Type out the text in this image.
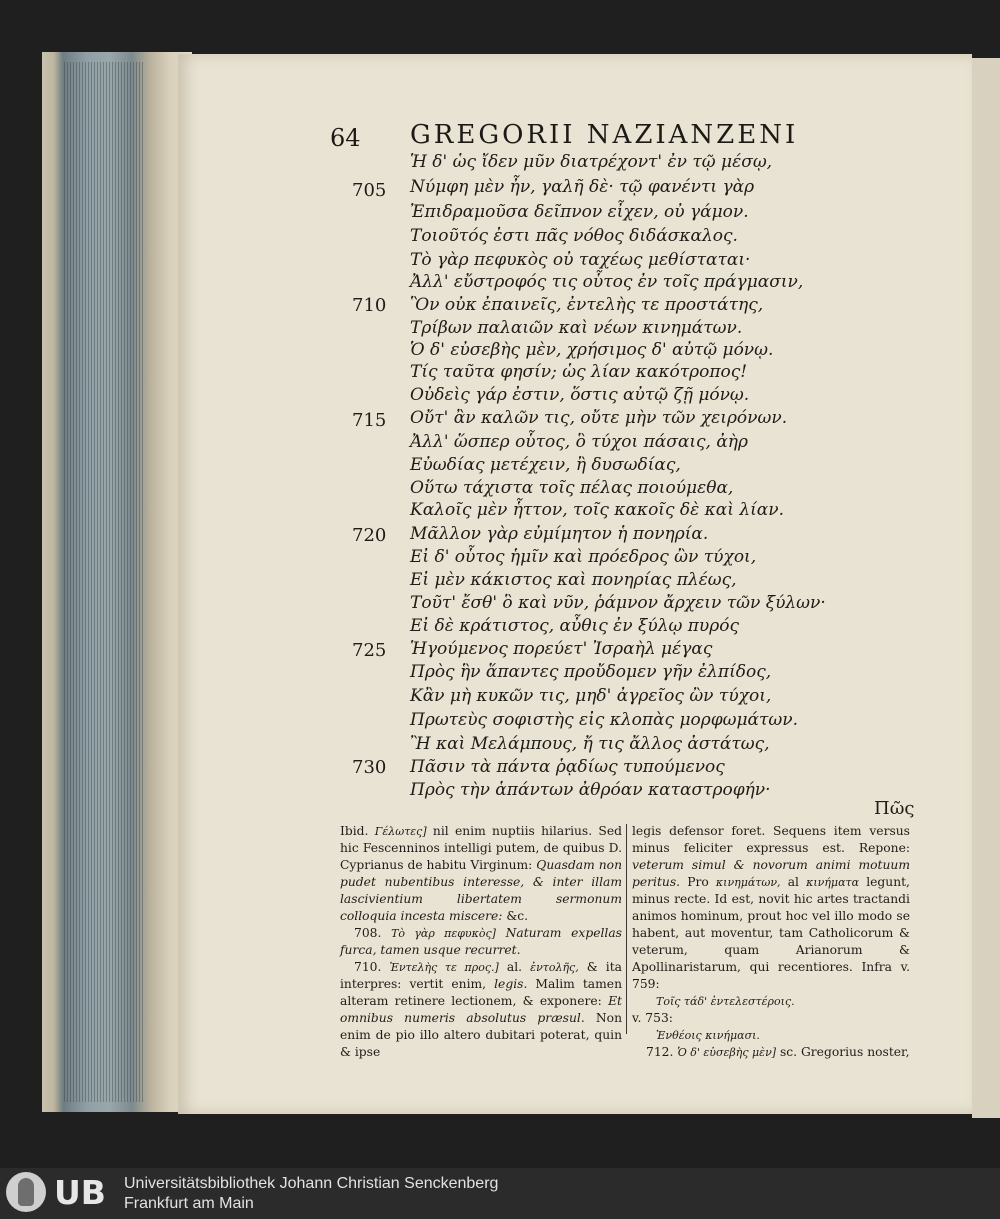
64 GREGORII NAZIANZENI
Ἡ δ' ὡς ἴδεν μῦν διατρέχοντ' ἐν τῷ μέσῳ,
Νύμφη μὲν ἦν, γαλῆ δὲ· τῷ φανέντι γὰρ
Ἐπιδραμοῦσα δεῖπνον εἶχεν, οὐ γάμον.
Τοιοῦτός ἐστι πᾶς νόθος διδάσκαλος.
Τὸ γὰρ πεφυκὸς οὐ ταχέως μεθίσταται·
Ἀλλ' εὔστροφός τις οὗτος ἐν τοῖς πράγμασιν,
Ὃν οὐκ ἐπαινεῖς, ἐντελὴς τε προστάτης,
Τρίβων παλαιῶν καὶ νέων κινημάτων.
Ὁ δ' εὐσεβὴς μὲν, χρήσιμος δ' αὐτῷ μόνῳ.
Τίς ταῦτα φησίν; ὡς λίαν κακότροπος!
Οὐδεὶς γάρ ἐστιν, ὅστις αὐτῷ ζῇ μόνῳ.
Οὔτ' ἂν καλῶν τις, οὔτε μὴν τῶν χειρόνων.
Ἀλλ' ὥσπερ οὗτος, ὃ τύχοι πάσαις, ἀὴρ
Εὐωδίας μετέχειν, ἢ δυσωδίας,
Οὕτω τάχιστα τοῖς πέλας ποιούμεθα,
Καλοῖς μὲν ἧττον, τοῖς κακοῖς δὲ καὶ λίαν.
Μᾶλλον γὰρ εὐμίμητον ἡ πονηρία.
Εἰ δ' οὗτος ἡμῖν καὶ πρόεδρος ὢν τύχοι,
Εἰ μὲν κάκιστος καὶ πονηρίας πλέως,
Τοῦτ' ἔσθ' ὃ καὶ νῦν, ῥάμνον ἄρχειν τῶν ξύλων·
Εἰ δὲ κράτιστος, αὖθις ἐν ξύλῳ πυρός
Ἡγούμενος πορεύετ' Ἰσραὴλ μέγας
Πρὸς ἣν ἅπαντες προὔδομεν γῆν ἐλπίδος,
Κἂν μὴ κυκῶν τις, μηδ' ἀγρεῖος ὢν τύχοι,
Πρωτεὺς σοφιστὴς εἰς κλοπὰς μορφωμάτων.
Ἢ καὶ Μελάμπους, ἤ τις ἄλλος ἀστάτως,
Πᾶσιν τὰ πάντα ῥᾳδίως τυπούμενος
Πρὸς τὴν ἁπάντων ἀθρόαν καταστροφήν·
705
710
715
720
725
730
Πῶς

Ibid. Γέλωτες] nil enim nuptiis hilarius. Sed hic Fescenninos intelligi putem, de quibus D. Cyprianus de habitu Virginum: Quasdam non pudet nubentibus interesse, & inter illam lascivientium libertatem sermonum colloquia incesta miscere: &c.

708. Τὸ γὰρ πεφυκὸς] Naturam expellas furca, tamen usque recurret.

710. Ἐντελὴς τε προς.] al. ἐντολῆς, & ita interpres: vertit enim, legis. Malim tamen alteram retinere lectionem, & exponere: Et omnibus numeris absolutus præsul. Non enim de pio illo altero dubitari poterat, quin & ipse

legis defensor foret. Sequens item versus minus feliciter expressus est. Repone: veterum simul & novorum animi motuum peritus. Pro κινημάτων, al κινήματα legunt, minus recte. Id est, novit hic artes tractandi animos hominum, prout hoc vel illo modo se habent, aut moventur, tam Catholicorum & veterum, quam Arianorum & Apollinaristarum, qui recentiores. Infra v. 759:

Τοῖς τάδ' ἐντελεστέροις.
v. 753:
Ἐνθέοις κινήμασι.

712. Ὁ δ' εὐσεβὴς μὲν] sc. Gregorius noster,

UB Universitätsbibliothek Johann Christian Senckenberg
Frankfurt am Main
